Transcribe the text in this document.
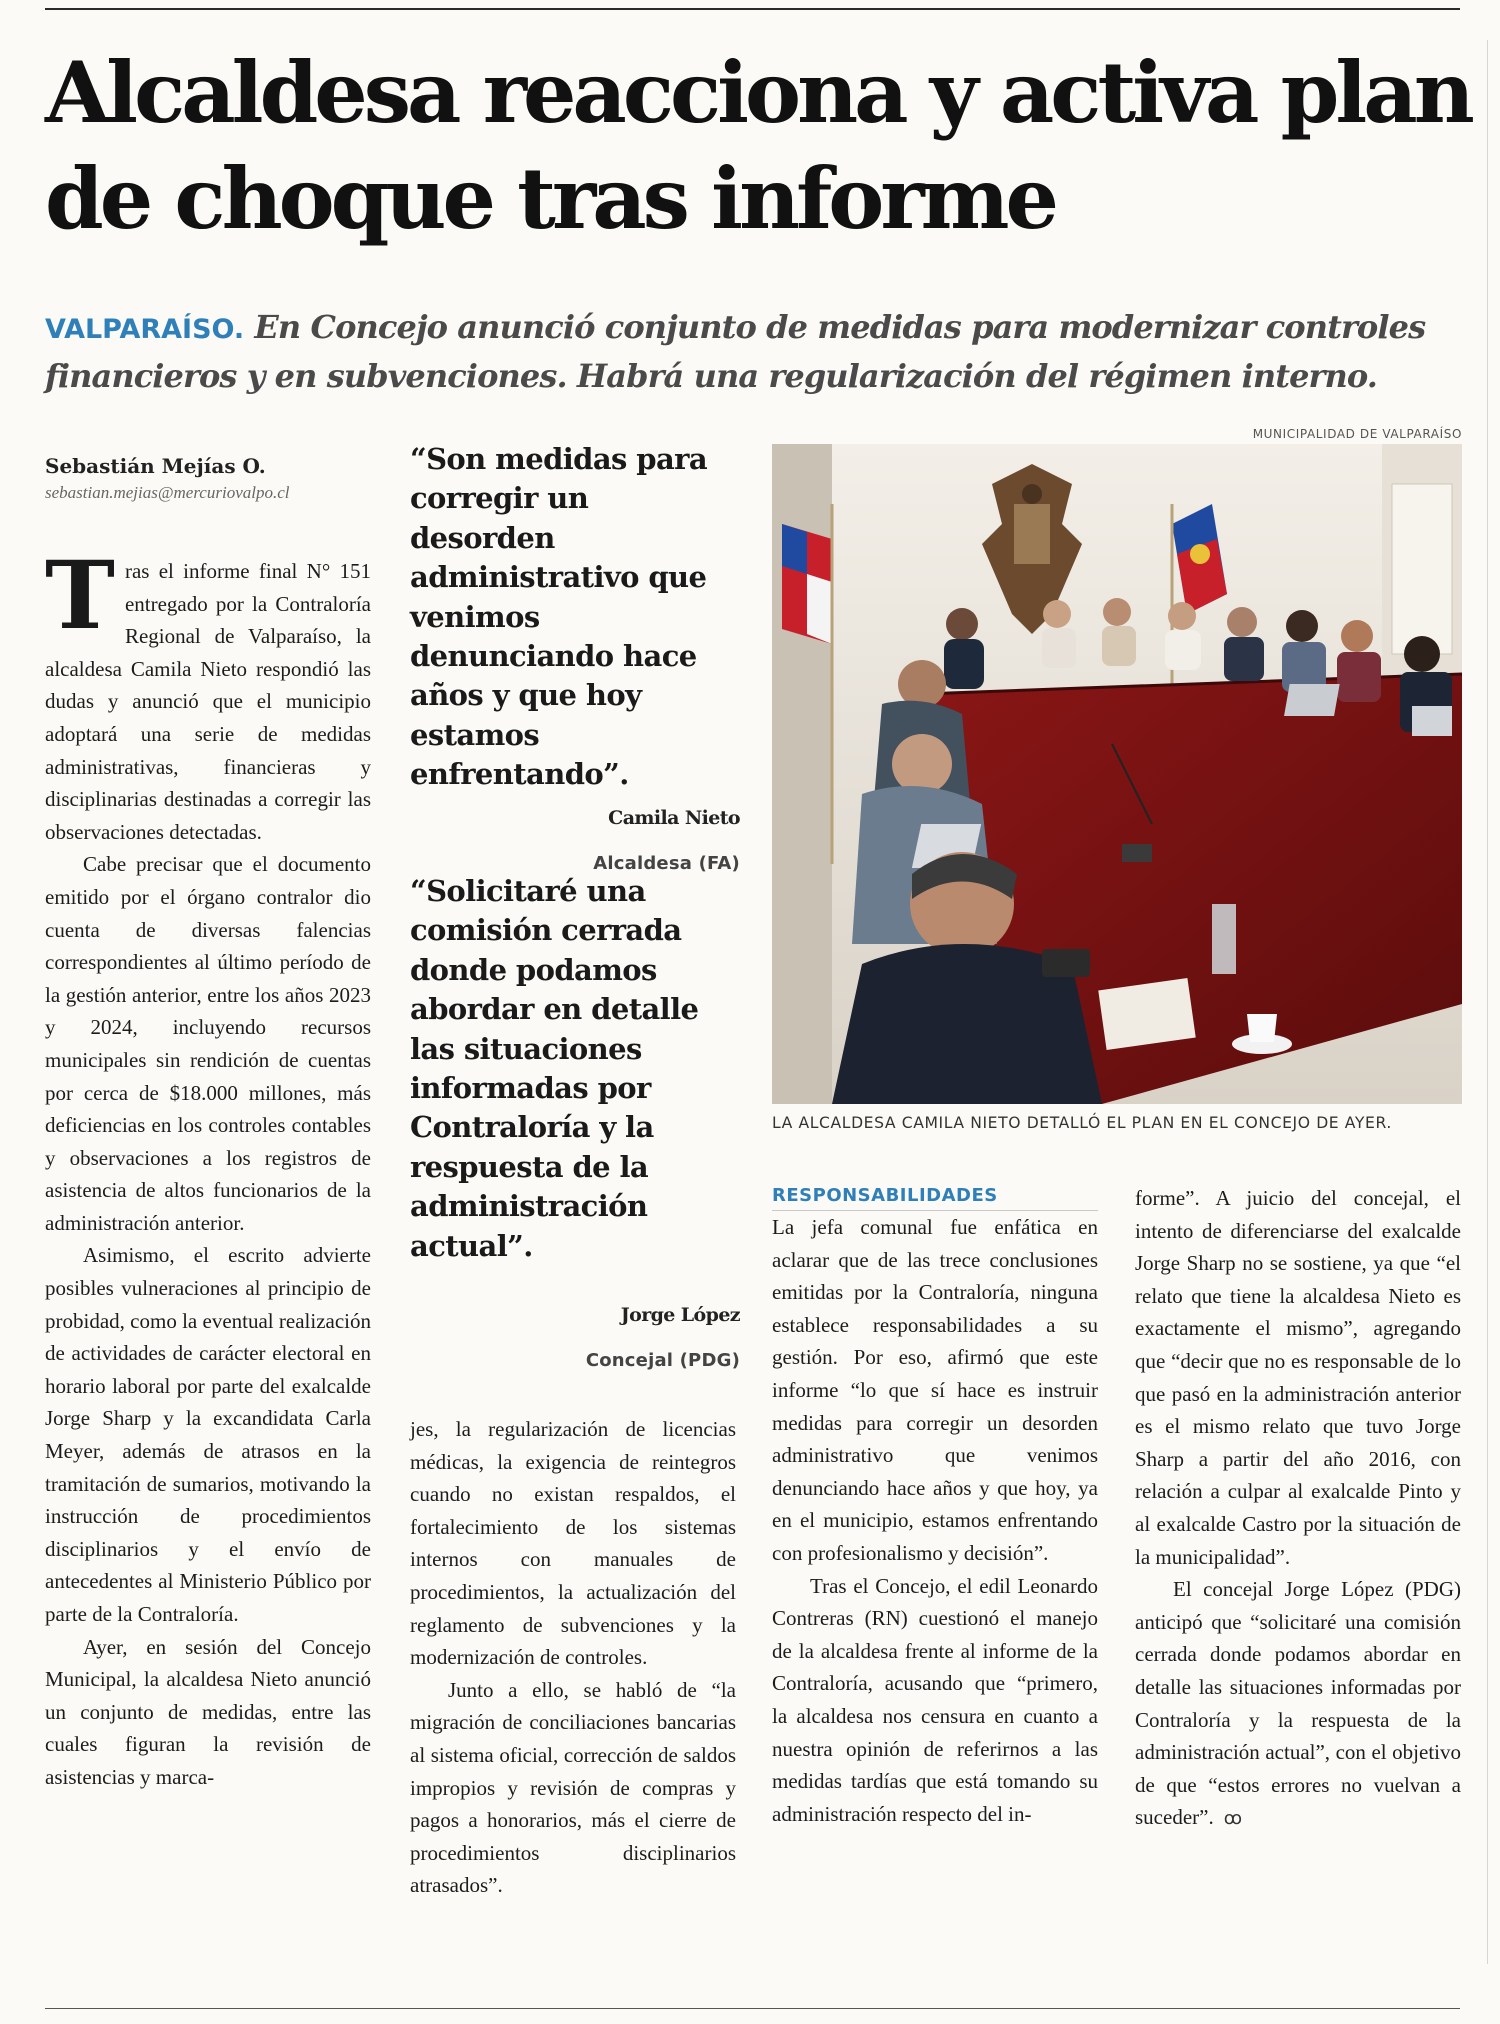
Alcaldesa reacciona y activa plan de choque tras informe

VALPARAÍSO. En Concejo anunció conjunto de medidas para modernizar controles financieros y en subvenciones. Habrá una regularización del régimen interno.

Sebastián Mejías O.
sebastian.mejias@mercuriovalpo.cl

Tras el informe final N° 151 entregado por la Contraloría Regional de Valparaíso, la alcaldesa Camila Nieto respondió las dudas y anunció que el municipio adoptará una serie de medidas administrativas, financieras y disciplinarias destinadas a corregir las observaciones detectadas.

Cabe precisar que el documento emitido por el órgano contralor dio cuenta de diversas falencias correspondientes al último período de la gestión anterior, entre los años 2023 y 2024, incluyendo recursos municipales sin rendición de cuentas por cerca de $18.000 millones, más deficiencias en los controles contables y observaciones a los registros de asistencia de altos funcionarios de la administración anterior.

Asimismo, el escrito advierte posibles vulneraciones al principio de probidad, como la eventual realización de actividades de carácter electoral en horario laboral por parte del exalcalde Jorge Sharp y la excandidata Carla Meyer, además de atrasos en la tramitación de sumarios, motivando la instrucción de procedimientos disciplinarios y el envío de antecedentes al Ministerio Público por parte de la Contraloría.

Ayer, en sesión del Concejo Municipal, la alcaldesa Nieto anunció un conjunto de medidas, entre las cuales figuran la revisión de asistencias y marca-

“Son medidas para corregir un desorden administrativo que venimos denunciando hace años y que hoy estamos enfrentando”.
Camila Nieto
Alcaldesa (FA)
“Solicitaré una comisión cerrada donde podamos abordar en detalle las situaciones informadas por Contraloría y la respuesta de la administración actual”.
Jorge López
Concejal (PDG)

jes, la regularización de licencias médicas, la exigencia de reintegros cuando no existan respaldos, el fortalecimiento de los sistemas internos con manuales de procedimientos, la actualización del reglamento de subvenciones y la modernización de controles.

Junto a ello, se habló de “la migración de conciliaciones bancarias al sistema oficial, corrección de saldos impropios y revisión de compras y pagos a honorarios, más el cierre de procedimientos disciplinarios atrasados”.

MUNICIPALIDAD DE VALPARAÍSO
LA ALCALDESA CAMILA NIETO DETALLÓ EL PLAN EN EL CONCEJO DE AYER.

RESPONSABILIDADES

La jefa comunal fue enfática en aclarar que de las trece conclusiones emitidas por la Contraloría, ninguna establece responsabilidades a su gestión. Por eso, afirmó que este informe “lo que sí hace es instruir medidas para corregir un desorden administrativo que venimos denunciando hace años y que hoy, ya en el municipio, estamos enfrentando con profesionalismo y decisión”.

Tras el Concejo, el edil Leonardo Contreras (RN) cuestionó el manejo de la alcaldesa frente al informe de la Contraloría, acusando que “primero, la alcaldesa nos censura en cuanto a nuestra opinión de referirnos a las medidas tardías que está tomando su administración respecto del in-

forme”. A juicio del concejal, el intento de diferenciarse del exalcalde Jorge Sharp no se sostiene, ya que “el relato que tiene la alcaldesa Nieto es exactamente el mismo”, agregando que “decir que no es responsable de lo que pasó en la administración anterior es el mismo relato que tuvo Jorge Sharp a partir del año 2016, con relación a culpar al exalcalde Pinto y al exalcalde Castro por la situación de la municipalidad”.

El concejal Jorge López (PDG) anticipó que “solicitaré una comisión cerrada donde podamos abordar en detalle las situaciones informadas por Contraloría y la respuesta de la administración actual”, con el objetivo de que “estos errores no vuelvan a suceder”. ꝏ
